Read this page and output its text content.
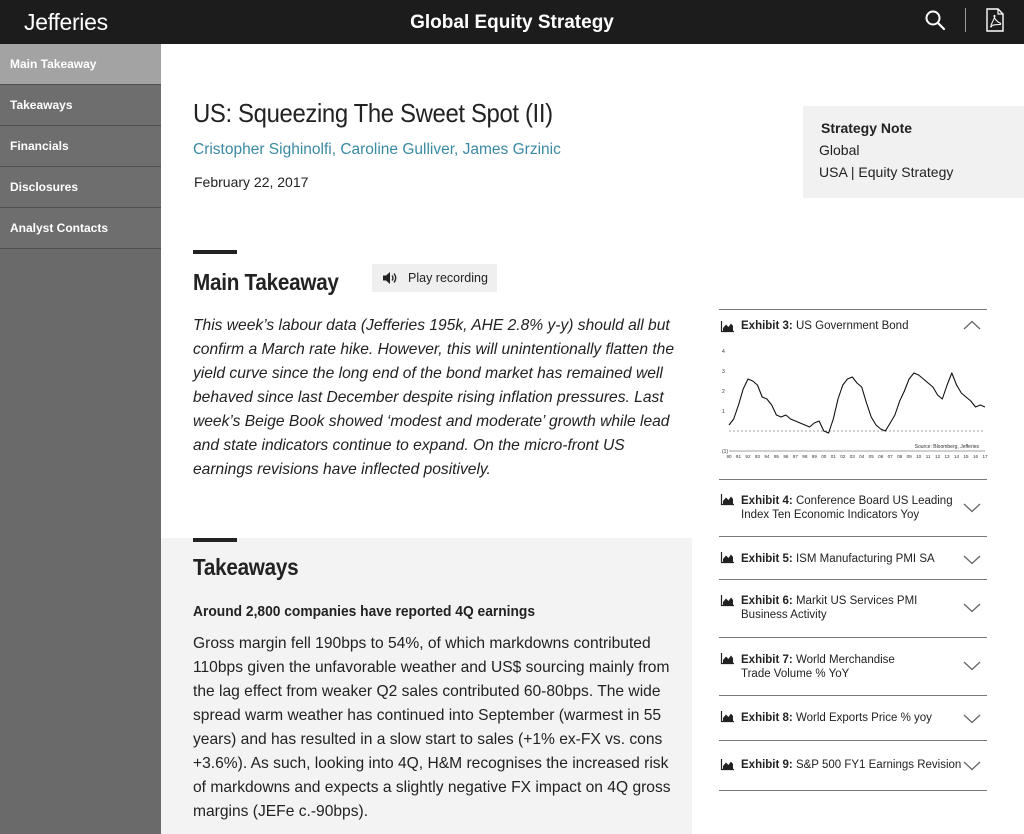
Jefferies	Global Equity Strategy
Main Takeaway
Takeaways
Financials
Disclosures
Analyst Contacts
US: Squeezing The Sweet Spot (II)
Cristopher Sighinolfi, Caroline Gulliver, James Grzinic
February 22, 2017
Strategy Note
Global
USA | Equity Strategy
Main Takeaway	Play recording
This week’s labour data (Jefferies 195k, AHE 2.8% y-y) should all but confirm a March rate hike. However, this will unintentionally flatten the yield curve since the long end of the bond market has remained well behaved since last December despite rising inflation pressures. Last week’s Beige Book showed ‘modest and moderate’ growth while lead and state indicators continue to expand. On the micro-front US earnings revisions have inflected positively.
Takeaways
Around 2,800 companies have reported 4Q earnings
Gross margin fell 190bps to 54%, of which markdowns contributed 110bps given the unfavorable weather and US$ sourcing mainly from the lag effect from weaker Q2 sales contributed 60-80bps. The wide spread warm weather has continued into September (warmest in 55 years) and has resulted in a slow start to sales (+1% ex-FX vs. cons +3.6%). As such, looking into 4Q, H&M recognises the increased risk of markdowns and expects a slightly negative FX impact on 4Q gross margins (JEFe c.-90bps).
Exhibit 3: US Government Bond
4
3
2
1
(1)
90 91 92 93 94 95 96 97 98 99 00 01 02 03 04 05 06 07 08 09 10 11 12 13 14 15 16 17
Source: Bloomberg, Jefferies
Exhibit 4: Conference Board US Leading Index Ten Economic Indicators Yoy
Exhibit 5: ISM Manufacturing PMI SA
Exhibit 6: Markit US Services PMI Business Activity
Exhibit 7: World Merchandise Trade Volume % YoY
Exhibit 8: World Exports Price % yoy
Exhibit 9: S&P 500 FY1 Earnings Revision
